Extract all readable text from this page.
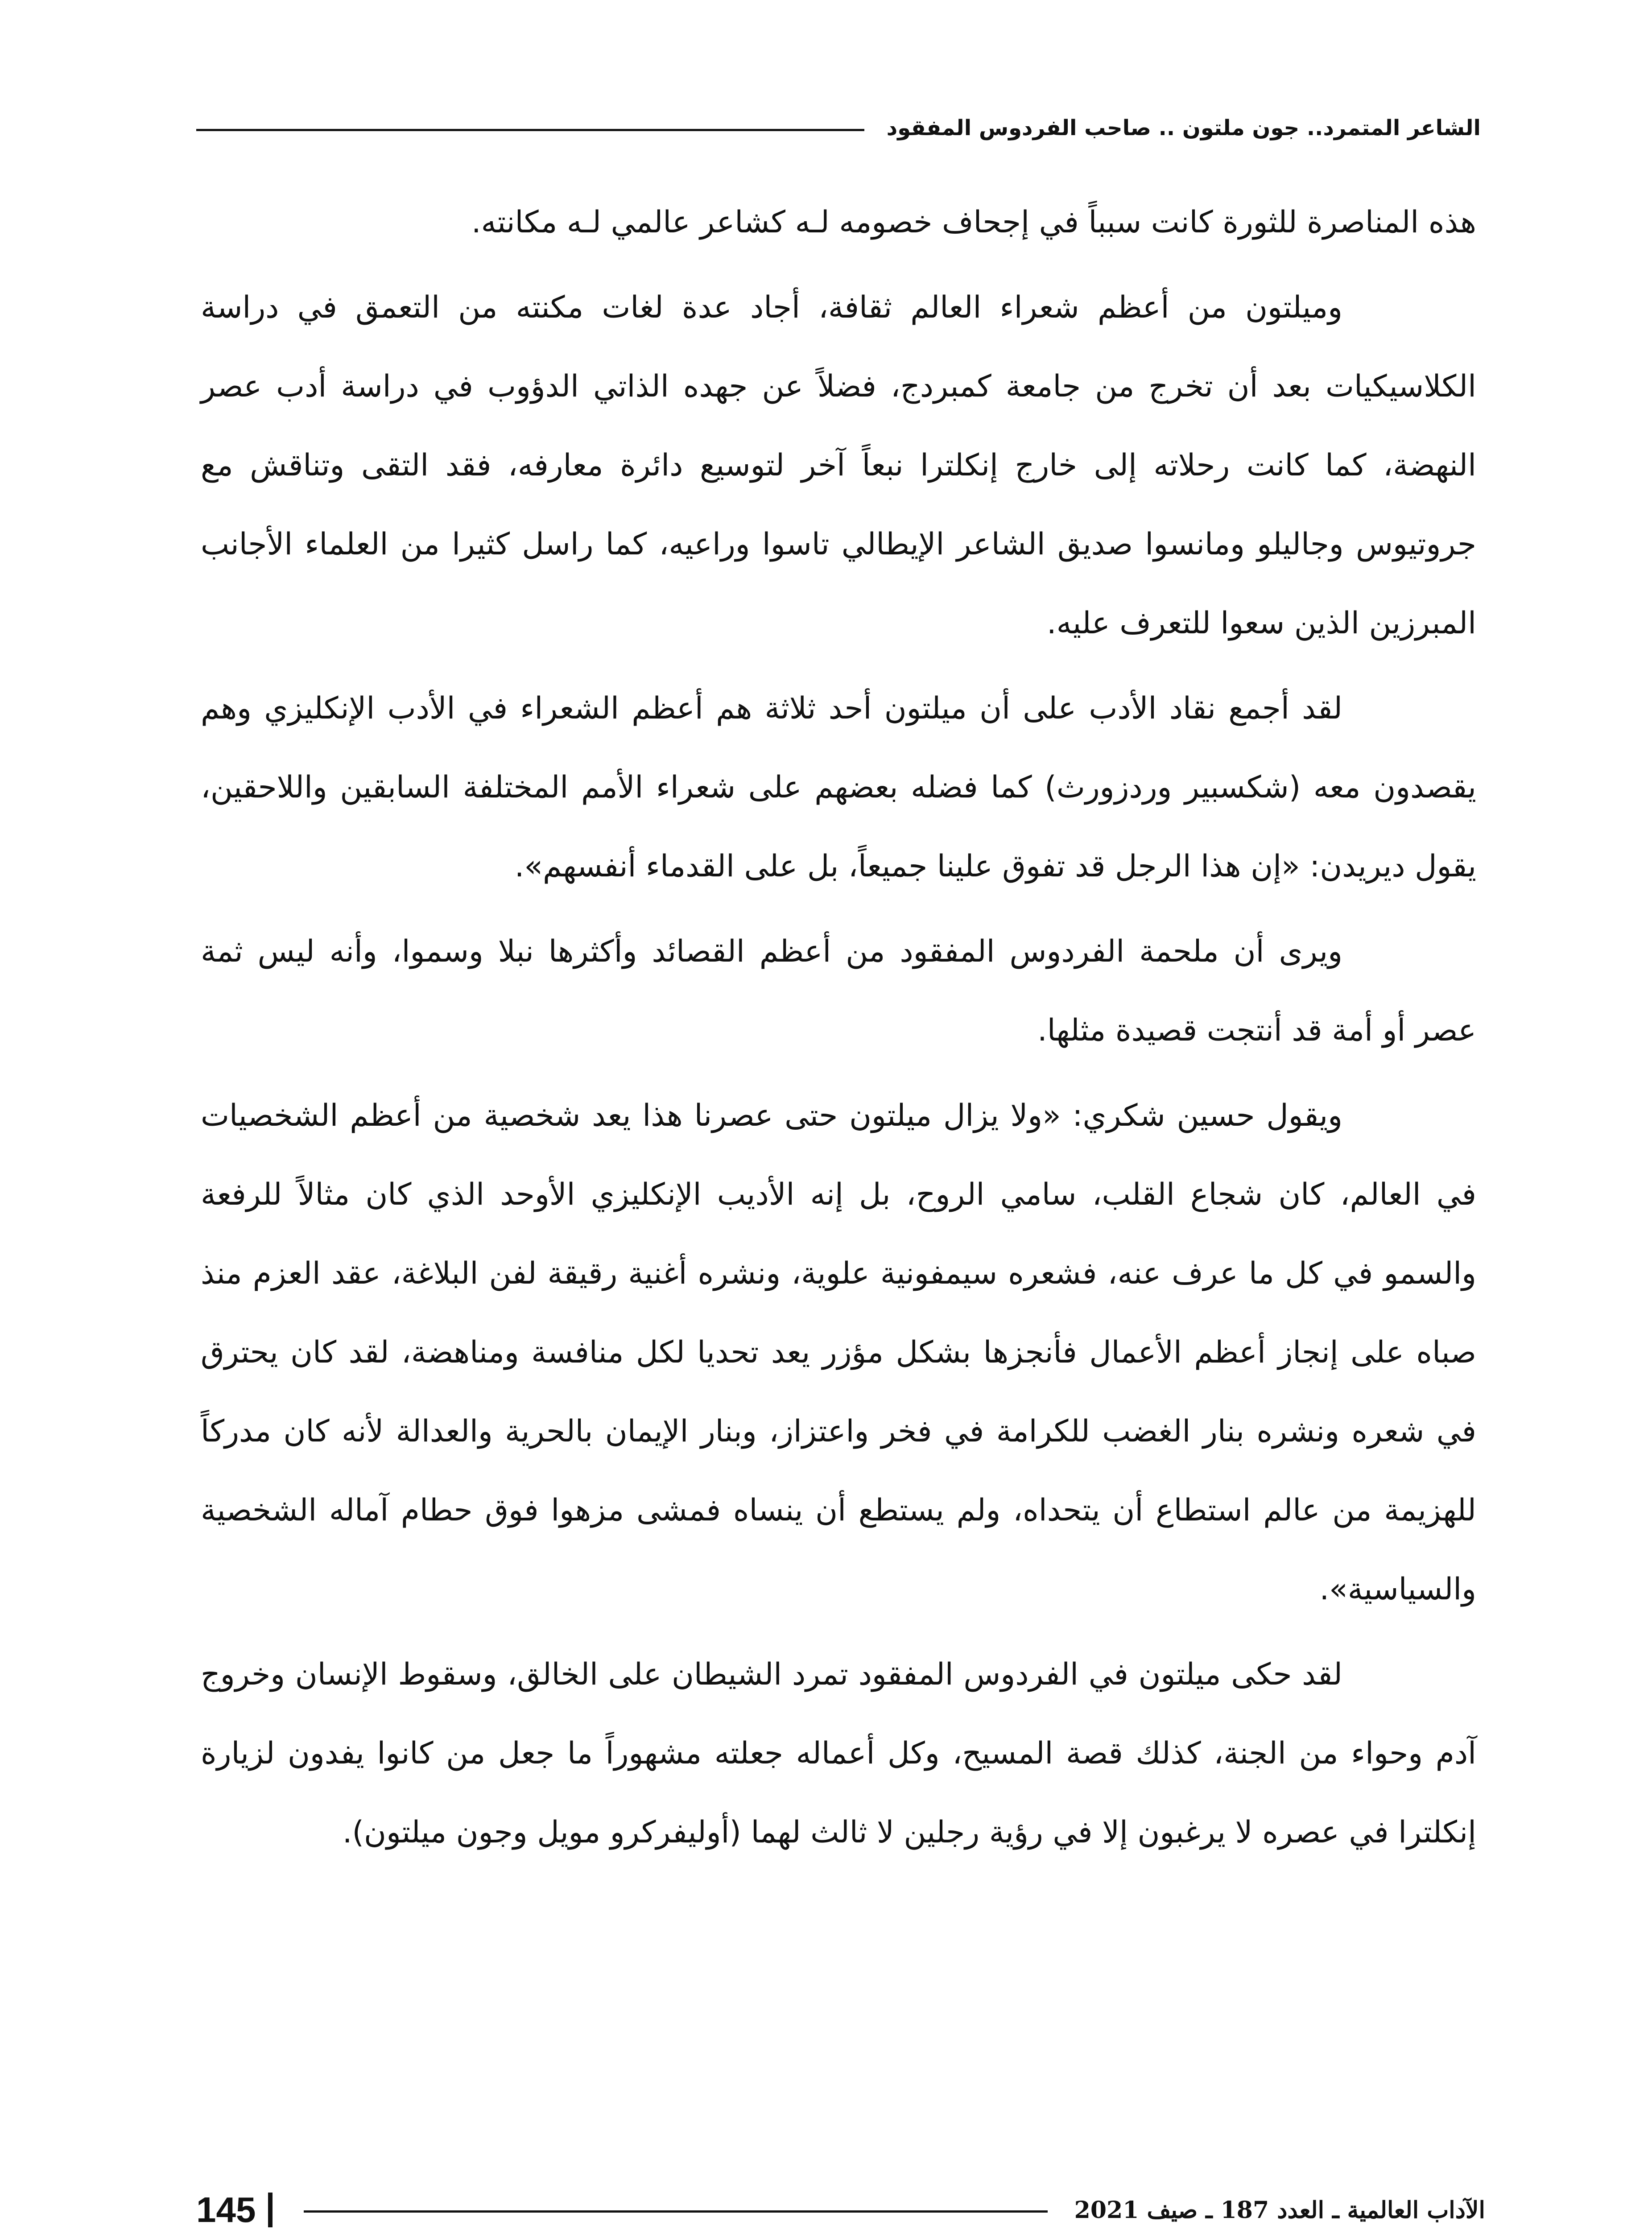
الشاعر المتمرد.. جون ملتون .. صاحب الفردوس المفقود

هذه المناصرة للثورة كانت سبباً في إجحاف خصومه لـه كشاعر عالمي لـه مكانته.

وميلتون من أعظم شعراء العالم ثقافة، أجاد عدة لغات مكنته من التعمق في دراسة الكلاسيكيات بعد أن تخرج من جامعة كمبردج، فضلاً عن جهده الذاتي الدؤوب في دراسة أدب عصر النهضة، كما كانت رحلاته إلى خارج إنكلترا نبعاً آخر لتوسيع دائرة معارفه، فقد التقى وتناقش مع جروتيوس وجاليلو ومانسوا صديق الشاعر الإيطالي تاسوا وراعيه، كما راسل كثيرا من العلماء الأجانب المبرزين الذين سعوا للتعرف عليه.

لقد أجمع نقاد الأدب على أن ميلتون أحد ثلاثة هم أعظم الشعراء في الأدب الإنكليزي وهم يقصدون معه (شكسبير وردزورث) كما فضله بعضهم على شعراء الأمم المختلفة السابقين واللاحقين، يقول ديريدن: «إن هذا الرجل قد تفوق علينا جميعاً، بل على القدماء أنفسهم».

ويرى أن ملحمة الفردوس المفقود من أعظم القصائد وأكثرها نبلا وسموا، وأنه ليس ثمة عصر أو أمة قد أنتجت قصيدة مثلها.

ويقول حسين شكري: «ولا يزال ميلتون حتى عصرنا هذا يعد شخصية من أعظم الشخصيات في العالم، كان شجاع القلب، سامي الروح، بل إنه الأديب الإنكليزي الأوحد الذي كان مثالاً للرفعة والسمو في كل ما عرف عنه، فشعره سيمفونية علوية، ونشره أغنية رقيقة لفن البلاغة، عقد العزم منذ صباه على إنجاز أعظم الأعمال فأنجزها بشكل مؤزر يعد تحديا لكل منافسة ومناهضة، لقد كان يحترق في شعره ونشره بنار الغضب للكرامة في فخر واعتزاز، وبنار الإيمان بالحرية والعدالة لأنه كان مدركاً للهزيمة من عالم استطاع أن يتحداه، ولم يستطع أن ينساه فمشى مزهوا فوق حطام آماله الشخصية والسياسية».

لقد حكى ميلتون في الفردوس المفقود تمرد الشيطان على الخالق، وسقوط الإنسان وخروج آدم وحواء من الجنة، كذلك قصة المسيح، وكل أعماله جعلته مشهوراً ما جعل من كانوا يفدون لزيارة إنكلترا في عصره لا يرغبون إلا في رؤية رجلين لا ثالث لهما (أوليفركرو مويل وجون ميلتون).

الآداب العالمية ـ العدد 187 ـ صيف 2021
145
